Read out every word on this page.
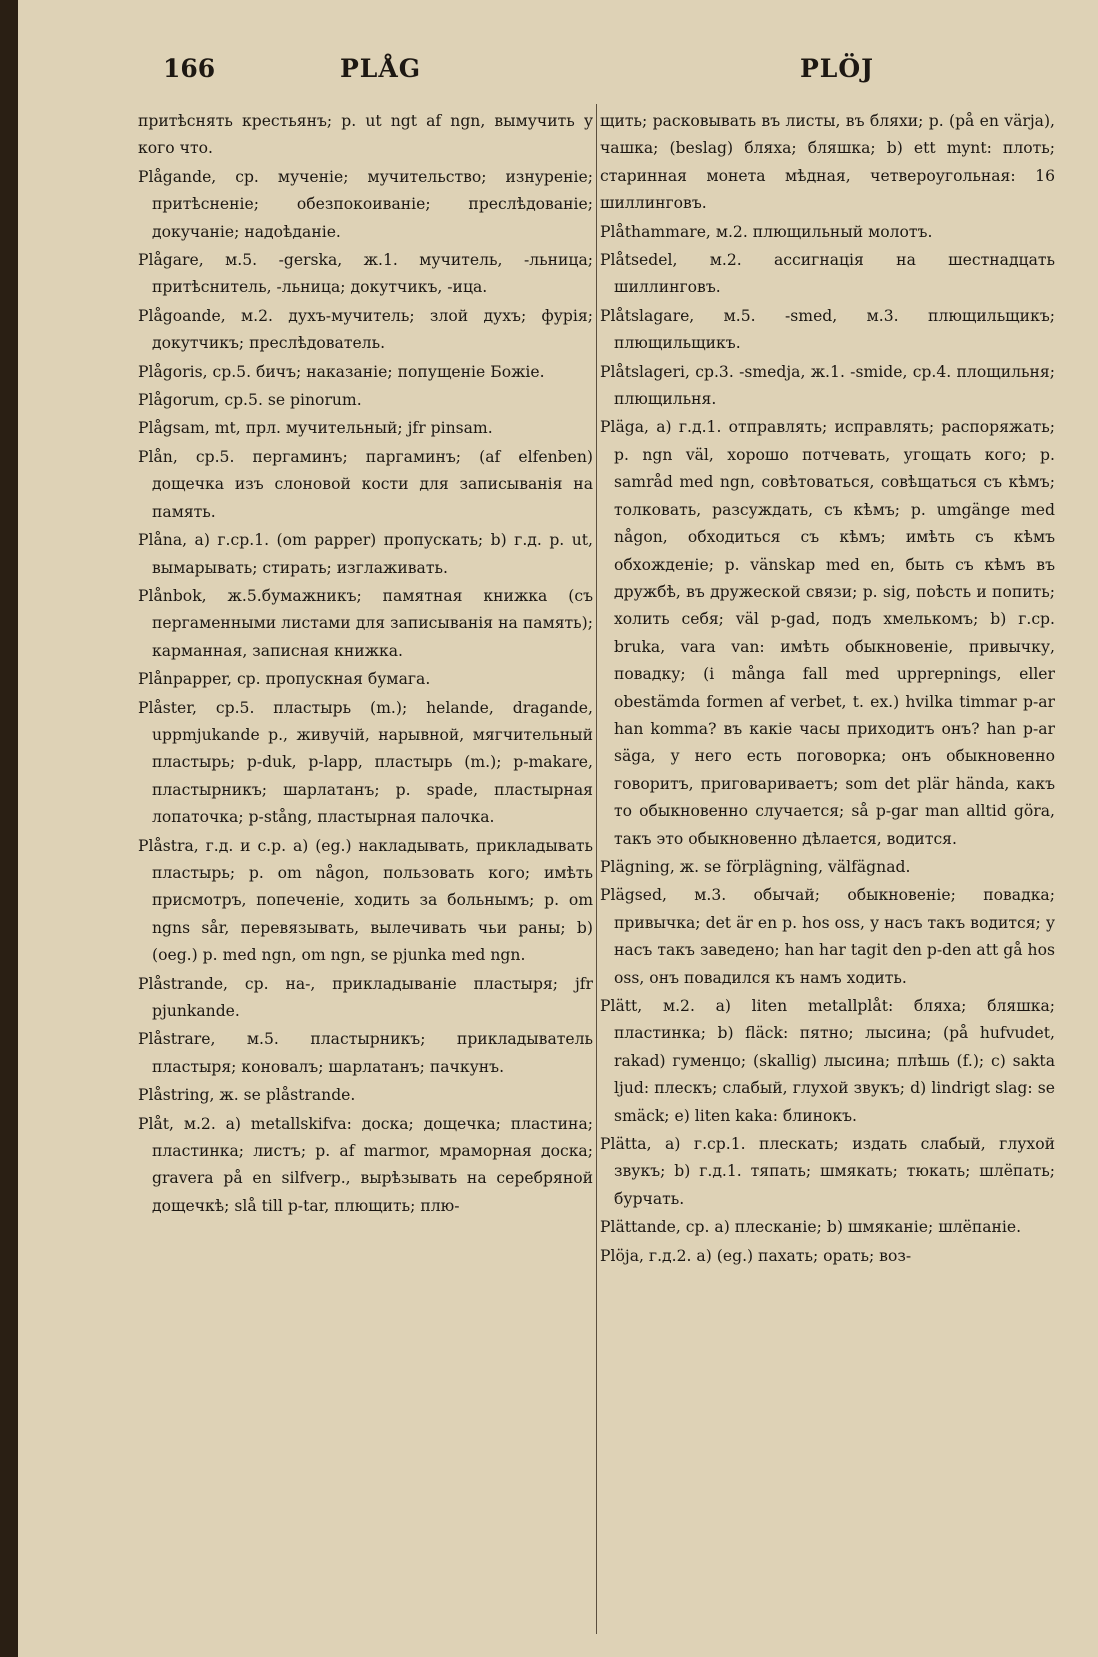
166	PLÅG	PLÖJ

притѣснять крестьянъ; p. ut ngt af ngn, вымучить у кого что.

Plågande, ср. мученіе; мучительство; изнуреніе; притѣсненіе; обезпокоиваніе; преслѣдованіе; докучаніе; надоѣданіе.

Plågare, м.5. -gerska, ж.1. мучитель, -льница; притѣснитель, -льница; докутчикъ, -ица.

Plågoande, м.2. духъ-мучитель; злой духъ; фурія; докутчикъ; преслѣдователь.

Plågoris, ср.5. бичъ; наказаніе; попущеніе Божіе.

Plågorum, ср.5. se pinorum.

Plågsam, mt, прл. мучительный; jfr pinsam.

Plån, ср.5. пергаминъ; паргаминъ; (af elfenben) дощечка изъ слоновой кости для записыванія на память.

Plåna, a) г.ср.1. (om papper) пропускать; b) г.д. p. ut, вымарывать; стирать; изглаживать.

Plånbok, ж.5.бумажникъ; памятная книжка (съ пергаменными листами для записыванія на память); карманная, записная книжка.

Plånpapper, ср. пропускная бумага.

Plåster, ср.5. пластырь (m.); helande, dragande, uppmjukande p., живучій, нарывной, мягчительный пластырь; p-duk, p-lapp, пластырь (m.); p-makare, пластырникъ; шарлатанъ; p. spade, пластырная лопаточка; p-stång, пластырная палочка.

Plåstra, г.д. и с.р. a) (eg.) накладывать, прикладывать пластырь; p. om någon, пользовать кого; имѣть присмотръ, попеченіе, ходить за больнымъ; p. om ngns sår, перевязывать, вылечивать чьи раны; b) (oeg.) p. med ngn, om ngn, se pjunka med ngn.

Plåstrande, ср. на-, прикладываніе пластыря; jfr pjunkande.

Plåstrare, м.5. пластырникъ; прикладыватель пластыря; коновалъ; шарлатанъ; пачкунъ.

Plåstring, ж. se plåstrande.

Plåt, м.2. a) metallskifva: доска; дощечка; пластина; пластинка; листъ; p. af marmor, мраморная доска; gravera på en silfverp., вырѣзывать на серебряной дощечкѣ; slå till p-tar, плющить; плю-

щить; расковывать въ листы, въ бляхи; p. (på en värja), чашка; (beslag) бляха; бляшка; b) ett mynt: плоть; старинная монета мѣдная, четвероугольная: 16 шиллинговъ.

Plåthammare, м.2. плющильный молотъ.

Plåtsedel, м.2. ассигнація на шестнадцать шиллинговъ.

Plåtslagare, м.5. -smed, м.3. плющильщикъ; плющильщикъ.

Plåtslageri, ср.3. -smedja, ж.1. -smide, ср.4. площильня; плющильня.

Pläga, a) г.д.1. отправлять; исправлять; распоряжать; p. ngn väl, хорошо потчевать, угощать кого; p. samråd med ngn, совѣтоваться, совѣщаться съ кѣмъ; толковать, разсуждать, съ кѣмъ; p. umgänge med någon, обходиться съ кѣмъ; имѣть съ кѣмъ обхожденіе; p. vänskap med en, быть съ кѣмъ въ дружбѣ, въ дружеской связи; p. sig, поѣсть и попить; холить себя; väl p-gad, подъ хмелькомъ; b) г.ср. bruka, vara van: имѣть обыкновеніе, привычку, повадку; (i många fall med upprepnings, eller obestämda formen af verbet, t. ex.) hvilka timmar p-ar han komma? въ какіе часы приходитъ онъ? han p-ar säga, у него есть поговорка; онъ обыкновенно говоритъ, приговариваетъ; som det plär hända, какъ то обыкновенно случается; så p-gar man alltid göra, такъ это обыкновенно дѣлается, водится.

Plägning, ж. se förplägning, välfägnad.

Plägsed, м.3. обычай; обыкновеніе; повадка; привычка; det är en p. hos oss, у насъ такъ водится; у насъ такъ заведено; han har tagit den p-den att gå hos oss, онъ повадился къ намъ ходить.

Plätt, м.2. a) liten metallplåt: бляха; бляшка; пластинка; b) fläck: пятно; лысина; (på hufvudet, rakad) гуменцо; (skallig) лысина; плѣшь (f.); c) sakta ljud: плескъ; слабый, глухой звукъ; d) lindrigt slag: se smäck; e) liten kaka: блинокъ.

Plätta, a) г.ср.1. плескать; издать слабый, глухой звукъ; b) г.д.1. тяпать; шмякать; тюкать; шлёпать; бурчать.

Plättande, ср. a) плесканіе; b) шмяканіе; шлёпаніе.

Plöja, г.д.2. a) (eg.) пахать; орать; воз-
